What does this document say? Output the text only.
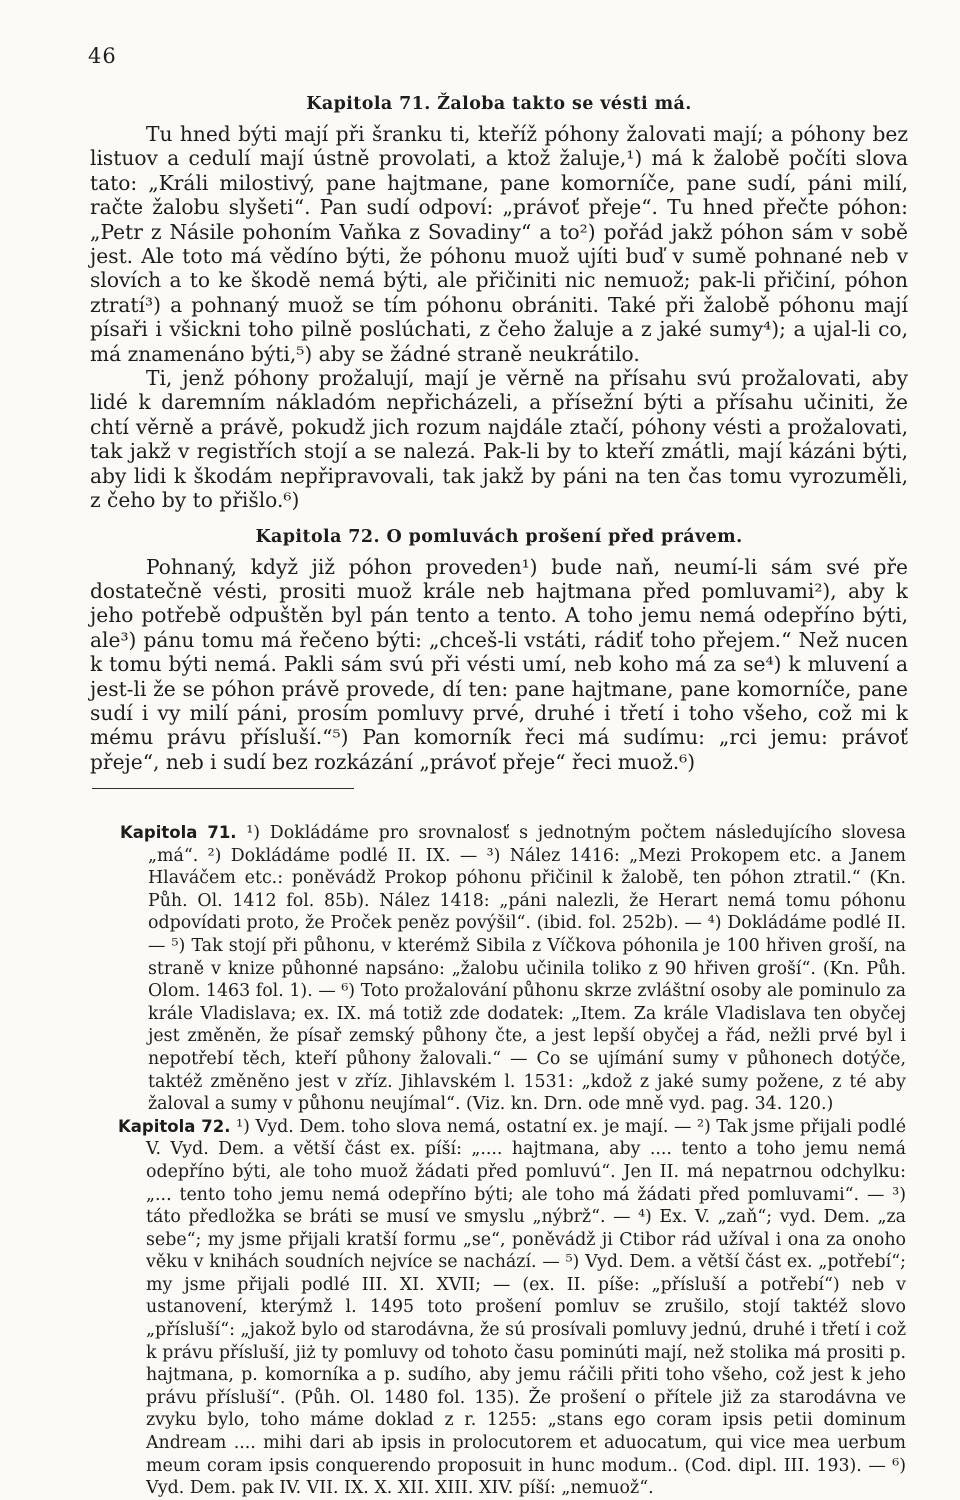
46
Kapitola 71. Žaloba takto se vésti má.

Tu hned býti mají při šranku ti, kteříž póhony žalovati mají; a póhony bez listuov a cedulí mají ústně provolati, a ktož žaluje,¹) má k žalobě počíti slova tato: „Králi milostivý, pane hajtmane, pane komorníče, pane sudí, páni milí, račte žalobu slyšeti“. Pan sudí odpoví: „právoť přeje“. Tu hned přečte póhon: „Petr z Násile pohoním Vaňka z Sovadiny“ a to²) pořád jakž póhon sám v sobě jest. Ale toto má vědíno býti, že póhonu muož ujíti buď v sumě pohnané neb v slovích a to ke škodě nemá býti, ale přičiniti nic nemuož; pak-li přičiní, póhon ztratí³) a pohnaný muož se tím póhonu obrániti. Také při žalobě póhonu mají písaři i všickni toho pilně poslúchati, z čeho žaluje a z jaké sumy⁴); a ujal-li co, má znamenáno býti,⁵) aby se žádné straně neukrátilo.

Ti, jenž póhony prožalují, mají je věrně na přísahu svú prožalovati, aby lidé k daremním nákladóm nepřicházeli, a přísežní býti a přísahu učiniti, že chtí věrně a právě, pokudž jich rozum najdále ztačí, póhony vésti a prožalovati, tak jakž v registřích stojí a se nalezá. Pak-li by to kteří zmátli, mají kázáni býti, aby lidi k škodám nepřipravovali, tak jakž by páni na ten čas tomu vyrozuměli, z čeho by to přišlo.⁶)

Kapitola 72. O pomluvách prošení před právem.

Pohnaný, když již póhon proveden¹) bude naň, neumí-li sám své pře dostatečně vésti, prositi muož krále neb hajtmana před pomluvami²), aby k jeho potřebě odpuštěn byl pán tento a tento. A toho jemu nemá odepříno býti, ale³) pánu tomu má řečeno býti: „chceš-li vstáti, rádiť toho přejem.“ Než nucen k tomu býti nemá. Pakli sám svú při vésti umí, neb koho má za se⁴) k mluvení a jest-li že se póhon právě provede, dí ten: pane hajtmane, pane komorníče, pane sudí i vy milí páni, prosím pomluvy prvé, druhé i třetí i toho všeho, což mi k mému právu přísluší.“⁵) Pan komorník řeci má sudímu: „rci jemu: právoť přeje“, neb i sudí bez rozkázání „právoť přeje“ řeci muož.⁶)

Kapitola 71. ¹) Dokládáme pro srovnalosť s jednotným počtem následujícího slovesa „má“. ²) Dokládáme podlé II. IX. — ³) Nález 1416: „Mezi Prokopem etc. a Janem Hlaváčem etc.: poněvádž Prokop póhonu přičinil k žalobě, ten póhon ztratil.“ (Kn. Půh. Ol. 1412 fol. 85b). Nález 1418: „páni nalezli, že Herart nemá tomu póhonu odpovídati proto, že Proček peněz povýšil“. (ibid. fol. 252b). — ⁴) Dokládáme podlé II. — ⁵) Tak stojí při půhonu, v kterémž Sibila z Víčkova póhonila je 100 hřiven groší, na straně v knize půhonné napsáno: „žalobu učinila toliko z 90 hřiven groší“. (Kn. Půh. Olom. 1463 fol. 1). — ⁶) Toto prožalování půhonu skrze zvláštní osoby ale pominulo za krále Vladislava; ex. IX. má totiž zde dodatek: „Item. Za krále Vladislava ten obyčej jest změněn, že písař zemský půhony čte, a jest lepší obyčej a řád, nežli prvé byl i nepotřebí těch, kteří půhony žalovali.“ — Co se ujímání sumy v půhonech dotýče, taktéž změněno jest v zříz. Jihlavském l. 1531: „kdož z jaké sumy požene, z té aby žaloval a sumy v půhonu neujímal“. (Viz. kn. Drn. ode mně vyd. pag. 34. 120.)

Kapitola 72. ¹) Vyd. Dem. toho slova nemá, ostatní ex. je mají. — ²) Tak jsme přijali podlé V. Vyd. Dem. a větší část ex. píší: „.... hajtmana, aby .... tento a toho jemu nemá odepříno býti, ale toho muož žádati před pomluvú“. Jen II. má nepatrnou odchylku: „... tento toho jemu nemá odepříno býti; ale toho má žádati před pomluvami“. — ³) táto předložka se bráti se musí ve smyslu „nýbrž“. — ⁴) Ex. V. „zaň“; vyd. Dem. „za sebe“; my jsme přijali kratší formu „se“, poněvádž ji Ctibor rád užíval i ona za onoho věku v knihách soudních nejvíce se nachází. — ⁵) Vyd. Dem. a větší část ex. „potřebí“; my jsme přijali podlé III. XI. XVII; — (ex. II. píše: „přísluší a potřebí“) neb v ustanovení, kterýmž l. 1495 toto prošení pomluv se zrušilo, stojí taktéž slovo „přísluší“: „jakož bylo od starodávna, že sú prosívali pomluvy jednú, druhé i třetí i což k právu přísluší, jiż ty pomluvy od tohoto času pominúti mají, než stolika má prositi p. hajtmana, p. komorníka a p. sudího, aby jemu ráčili přiti toho všeho, což jest k jeho právu přísluší“. (Půh. Ol. 1480 fol. 135). Že prošení o přítele již za starodávna ve zvyku bylo, toho máme doklad z r. 1255: „stans ego coram ipsis petii dominum Andream .... mihi dari ab ipsis in prolocutorem et aduocatum, qui vice mea uerbum meum coram ipsis conquerendo proposuit in hunc modum.. (Cod. dipl. III. 193). — ⁶) Vyd. Dem. pak IV. VII. IX. X. XII. XIII. XIV. píší: „nemuož“.
